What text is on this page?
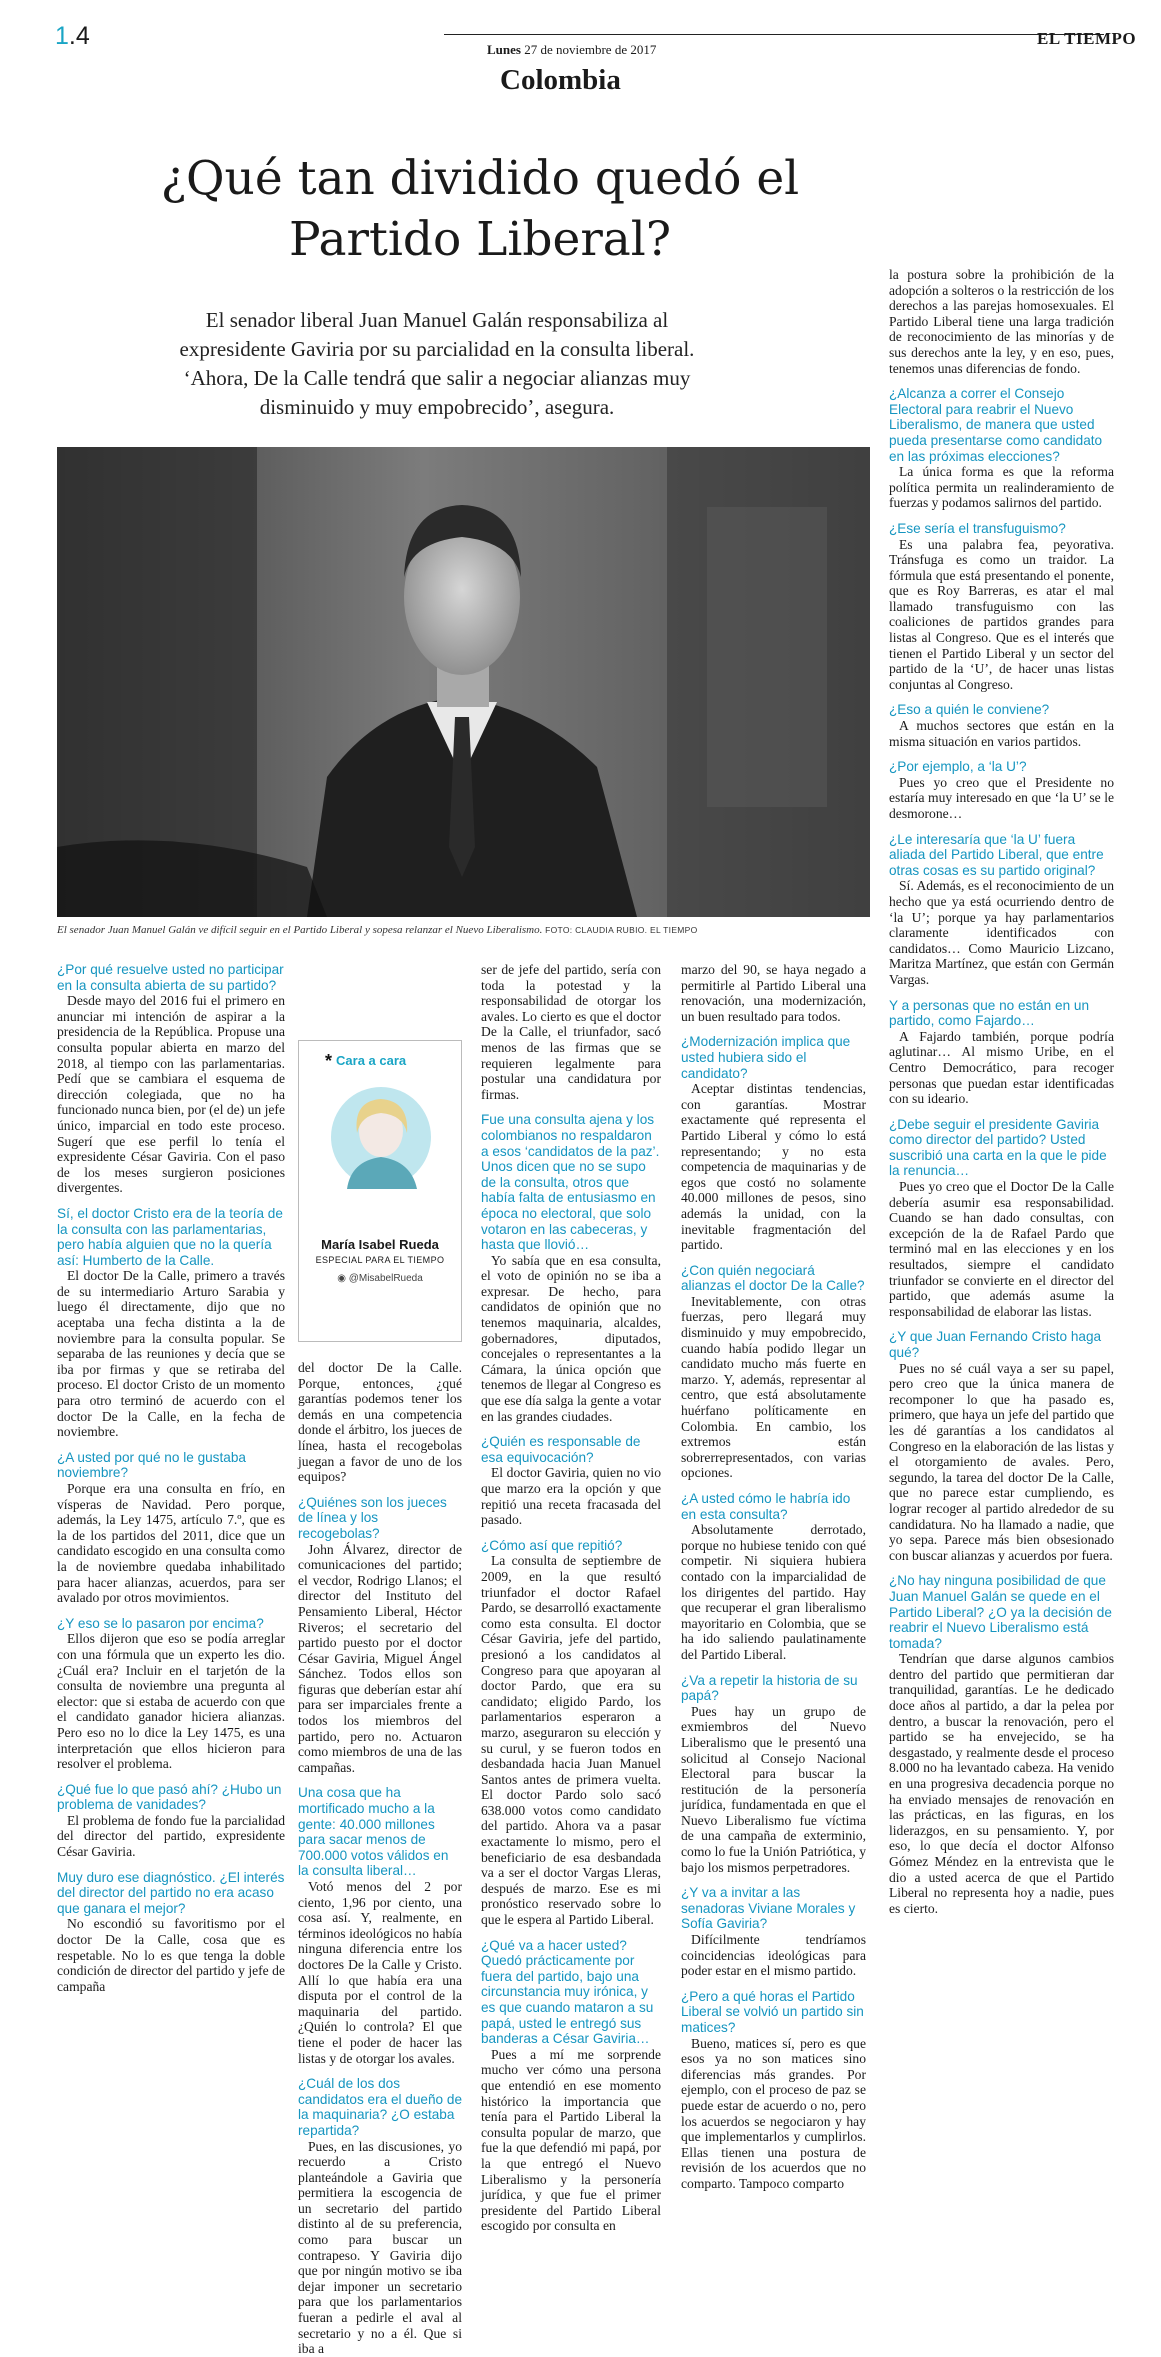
1.4	Lunes 27 de noviembre de 2017
EL TIEMPO
Colombia
¿Qué tan dividido quedó el Partido Liberal?

El senador liberal Juan Manuel Galán responsabiliza al expresidente Gaviria por su parcialidad en la consulta liberal. ‘Ahora, De la Calle tendrá que salir a negociar alianzas muy disminuido y muy empobrecido’, asegura.

El senador Juan Manuel Galán ve difícil seguir en el Partido Liberal y sopesa relanzar el Nuevo Liberalismo. FOTO: CLAUDIA RUBIO. EL TIEMPO
* Cara a cara
María Isabel Rueda
ESPECIAL PARA EL TIEMPO
◉ @MisabelRueda
¿Por qué resuelve usted no participar en la consulta abierta de su partido?

Desde mayo del 2016 fui el primero en anunciar mi intención de aspirar a la presidencia de la República. Propuse una consulta popular abierta en marzo del 2018, al tiempo con las parlamentarias. Pedí que se cambiara el esquema de dirección colegiada, que no ha funcionado nunca bien, por (el de) un jefe único, imparcial en todo este proceso. Sugerí que ese perfil lo tenía el expresidente César Gaviria. Con el paso de los meses surgieron posiciones divergentes.

Sí, el doctor Cristo era de la teoría de la consulta con las parlamentarias, pero había alguien que no la quería así: Humberto de la Calle.

El doctor De la Calle, primero a través de su intermediario Arturo Sarabia y luego él directamente, dijo que no aceptaba una fecha distinta a la de noviembre para la consulta popular. Se separaba de las reuniones y decía que se iba por firmas y que se retiraba del proceso. El doctor Cristo de un momento para otro terminó de acuerdo con el doctor De la Calle, en la fecha de noviembre.

¿A usted por qué no le gustaba noviembre?

Porque era una consulta en frío, en vísperas de Navidad. Pero porque, además, la Ley 1475, artículo 7.º, que es la de los partidos del 2011, dice que un candidato escogido en una consulta como la de noviembre quedaba inhabilitado para hacer alianzas, acuerdos, para ser avalado por otros movimientos.

¿Y eso se lo pasaron por encima?

Ellos dijeron que eso se podía arreglar con una fórmula que un experto les dio. ¿Cuál era? Incluir en el tarjetón de la consulta de noviembre una pregunta al elector: que si estaba de acuerdo con que el candidato ganador hiciera alianzas. Pero eso no lo dice la Ley 1475, es una interpretación que ellos hicieron para resolver el problema.

¿Qué fue lo que pasó ahí? ¿Hubo un problema de vanidades?

El problema de fondo fue la parcialidad del director del partido, expresidente César Gaviria.

Muy duro ese diagnóstico. ¿El interés del director del partido no era acaso que ganara el mejor?

No escondió su favoritismo por el doctor De la Calle, cosa que es respetable. No lo es que tenga la doble condición de director del partido y jefe de campaña

del doctor De la Calle. Porque, entonces, ¿qué garantías podemos tener los demás en una competencia donde el árbitro, los jueces de línea, hasta el recogebolas juegan a favor de uno de los equipos?

¿Quiénes son los jueces de línea y los recogebolas?

John Álvarez, director de comunicaciones del partido; el vecdor, Rodrigo Llanos; el director del Instituto del Pensamiento Liberal, Héctor Riveros; el secretario del partido puesto por el doctor César Gaviria, Miguel Ángel Sánchez. Todos ellos son figuras que deberían estar ahí para ser imparciales frente a todos los miembros del partido, pero no. Actuaron como miembros de una de las campañas.

Una cosa que ha mortificado mucho a la gente: 40.000 millones para sacar menos de 700.000 votos válidos en la consulta liberal…

Votó menos del 2 por ciento, 1,96 por ciento, una cosa así. Y, realmente, en términos ideológicos no había ninguna diferencia entre los doctores De la Calle y Cristo. Allí lo que había era una disputa por el control de la maquinaria del partido. ¿Quién lo controla? El que tiene el poder de hacer las listas y de otorgar los avales.

¿Cuál de los dos candidatos era el dueño de la maquinaria? ¿O estaba repartida?

Pues, en las discusiones, yo recuerdo a Cristo planteándole a Gaviria que permitiera la escogencia de un secretario del partido distinto al de su preferencia, como para buscar un contrapeso. Y Gaviria dijo que por ningún motivo se iba dejar imponer un secretario para que los parlamentarios fueran a pedirle el aval al secretario y no a él. Que si iba a

ser de jefe del partido, sería con toda la potestad y la responsabilidad de otorgar los avales. Lo cierto es que el doctor De la Calle, el triunfador, sacó menos de las firmas que se requieren legalmente para postular una candidatura por firmas.

Fue una consulta ajena y los colombianos no respaldaron a esos ‘candidatos de la paz’. Unos dicen que no se supo de la consulta, otros que había falta de entusiasmo en época no electoral, que solo votaron en las cabeceras, y hasta que llovió…

Yo sabía que en esa consulta, el voto de opinión no se iba a expresar. De hecho, para candidatos de opinión que no tenemos maquinaria, alcaldes, gobernadores, diputados, concejales o representantes a la Cámara, la única opción que tenemos de llegar al Congreso es que ese día salga la gente a votar en las grandes ciudades.

¿Quién es responsable de esa equivocación?

El doctor Gaviria, quien no vio que marzo era la opción y que repitió una receta fracasada del pasado.

¿Cómo así que repitió?

La consulta de septiembre de 2009, en la que resultó triunfador el doctor Rafael Pardo, se desarrolló exactamente como esta consulta. El doctor César Gaviria, jefe del partido, presionó a los candidatos al Congreso para que apoyaran al doctor Pardo, que era su candidato; eligido Pardo, los parlamentarios esperaron a marzo, aseguraron su elección y su curul, y se fueron todos en desbandada hacia Juan Manuel Santos antes de primera vuelta. El doctor Pardo solo sacó 638.000 votos como candidato del partido. Ahora va a pasar exactamente lo mismo, pero el beneficiario de esa desbandada va a ser el doctor Vargas Lleras, después de marzo. Ese es mi pronóstico reservado sobre lo que le espera al Partido Liberal.

¿Qué va a hacer usted? Quedó prácticamente por fuera del partido, bajo una circunstancia muy irónica, y es que cuando mataron a su papá, usted le entregó sus banderas a César Gaviria…

Pues a mí me sorprende mucho ver cómo una persona que entendió en ese momento histórico la importancia que tenía para el Partido Liberal la consulta popular de marzo, que fue la que defendió mi papá, por la que entregó el Nuevo Liberalismo y la personería jurídica, y que fue el primer presidente del Partido Liberal escogido por consulta en

marzo del 90, se haya negado a permitirle al Partido Liberal una renovación, una modernización, un buen resultado para todos.

¿Modernización implica que usted hubiera sido el candidato?

Aceptar distintas tendencias, con garantías. Mostrar exactamente qué representa el Partido Liberal y cómo lo está representando; y no esta competencia de maquinarias y de egos que costó no solamente 40.000 millones de pesos, sino además la unidad, con la inevitable fragmentación del partido.

¿Con quién negociará alianzas el doctor De la Calle?

Inevitablemente, con otras fuerzas, pero llegará muy disminuido y muy empobrecido, cuando había podido llegar un candidato mucho más fuerte en marzo. Y, además, representar al centro, que está absolutamente huérfano políticamente en Colombia. En cambio, los extremos están sobrerrepresentados, con varias opciones.

¿A usted cómo le habría ido en esta consulta?

Absolutamente derrotado, porque no hubiese tenido con qué competir. Ni siquiera hubiera contado con la imparcialidad de los dirigentes del partido. Hay que recuperar el gran liberalismo mayoritario en Colombia, que se ha ido saliendo paulatinamente del Partido Liberal.

¿Va a repetir la historia de su papá?

Pues hay un grupo de exmiembros del Nuevo Liberalismo que le presentó una solicitud al Consejo Nacional Electoral para buscar la restitución de la personería jurídica, fundamentada en que el Nuevo Liberalismo fue víctima de una campaña de exterminio, como lo fue la Unión Patriótica, y bajo los mismos perpetradores.

¿Y va a invitar a las senadoras Viviane Morales y Sofía Gaviria?

Difícilmente tendríamos coincidencias ideológicas para poder estar en el mismo partido.

¿Pero a qué horas el Partido Liberal se volvió un partido sin matices?

Bueno, matices sí, pero es que esos ya no son matices sino diferencias más grandes. Por ejemplo, con el proceso de paz se puede estar de acuerdo o no, pero los acuerdos se negociaron y hay que implementarlos y cumplirlos. Ellas tienen una postura de revisión de los acuerdos que no comparto. Tampoco comparto

la postura sobre la prohibición de la adopción a solteros o la restricción de los derechos a las parejas homosexuales. El Partido Liberal tiene una larga tradición de reconocimiento de las minorías y de sus derechos ante la ley, y en eso, pues, tenemos unas diferencias de fondo.

¿Alcanza a correr el Consejo Electoral para reabrir el Nuevo Liberalismo, de manera que usted pueda presentarse como candidato en las próximas elecciones?

La única forma es que la reforma política permita un realinderamiento de fuerzas y podamos salirnos del partido.

¿Ese sería el transfuguismo?

Es una palabra fea, peyorativa. Tránsfuga es como un traidor. La fórmula que está presentando el ponente, que es Roy Barreras, es atar el mal llamado transfuguismo con las coaliciones de partidos grandes para listas al Congreso. Que es el interés que tienen el Partido Liberal y un sector del partido de la ‘U’, de hacer unas listas conjuntas al Congreso.

¿Eso a quién le conviene?

A muchos sectores que están en la misma situación en varios partidos.

¿Por ejemplo, a ‘la U’?

Pues yo creo que el Presidente no estaría muy interesado en que ‘la U’ se le desmorone…

¿Le interesaría que ‘la U’ fuera aliada del Partido Liberal, que entre otras cosas es su partido original?

Sí. Además, es el reconocimiento de un hecho que ya está ocurriendo dentro de ‘la U’; porque ya hay parlamentarios claramente identificados con candidatos… Como Mauricio Lizcano, Maritza Martínez, que están con Germán Vargas.

Y a personas que no están en un partido, como Fajardo…

A Fajardo también, porque podría aglutinar… Al mismo Uribe, en el Centro Democrático, para recoger personas que puedan estar identificadas con su ideario.

¿Debe seguir el presidente Gaviria como director del partido? Usted suscribió una carta en la que le pide la renuncia…

Pues yo creo que el Doctor De la Calle debería asumir esa responsabilidad. Cuando se han dado consultas, con excepción de la de Rafael Pardo que terminó mal en las elecciones y en los resultados, siempre el candidato triunfador se convierte en el director del partido, que además asume la responsabilidad de elaborar las listas.

¿Y que Juan Fernando Cristo haga qué?

Pues no sé cuál vaya a ser su papel, pero creo que la única manera de recomponer lo que ha pasado es, primero, que haya un jefe del partido que les dé garantías a los candidatos al Congreso en la elaboración de las listas y el otorgamiento de avales. Pero, segundo, la tarea del doctor De la Calle, que no parece estar cumpliendo, es lograr recoger al partido alrededor de su candidatura. No ha llamado a nadie, que yo sepa. Parece más bien obsesionado con buscar alianzas y acuerdos por fuera.

¿No hay ninguna posibilidad de que Juan Manuel Galán se quede en el Partido Liberal? ¿O ya la decisión de reabrir el Nuevo Liberalismo está tomada?

Tendrían que darse algunos cambios dentro del partido que permitieran dar tranquilidad, garantías. Le he dedicado doce años al partido, a dar la pelea por dentro, a buscar la renovación, pero el partido se ha envejecido, se ha desgastado, y realmente desde el proceso 8.000 no ha levantado cabeza. Ha venido en una progresiva decadencia porque no ha enviado mensajes de renovación en las prácticas, en las figuras, en los liderazgos, en su pensamiento. Y, por eso, lo que decía el doctor Alfonso Gómez Méndez en la entrevista que le dio a usted acerca de que el Partido Liberal no representa hoy a nadie, pues es cierto.
